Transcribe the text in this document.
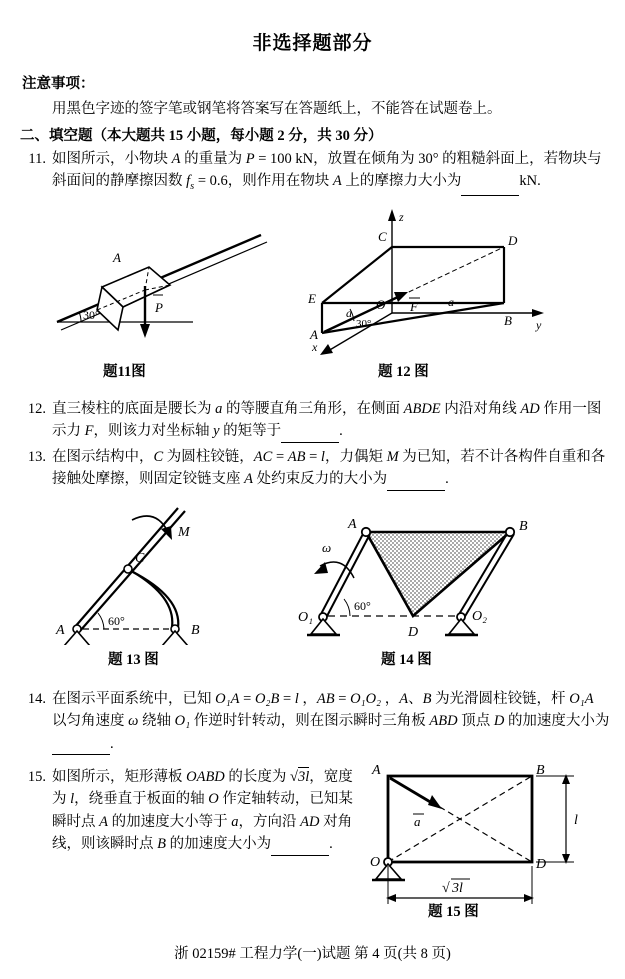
非选择题部分
注意事项：
用黑色字迹的签字笔或钢笔将答案写在答题纸上，不能答在试题卷上。
二、填空题（本大题共 15 小题，每小题 2 分，共 30 分）
11. 如图所示，小物块 A 的重量为 P = 100 kN，放置在倾角为 30° 的粗糙斜面上，若物块与斜面间的静摩擦因数 $f_s = 0.6$，则作用在物块 A 上的摩擦力大小为	kN.
A
P
30°
题11图
z
y
x
F
30°
a
a
C	D
E	O
B
A
题 12 图
12. 直三棱柱的底面是腰长为 a 的等腰直角三角形，在侧面 ABDE 内沿对角线 AD 作用一图示力 F，则该力对坐标轴 y 的矩等于	.
13. 在图示结构中，C 为圆柱铰链，AC = AB = l，力偶矩 M 为已知，若不计各构件自重和各接触处摩擦，则固定铰链支座 A 处约束反力的大小为	.
M
C
A	B
60°
题 13 图
ω
60°
A	B
D
O₁	O₂
题 14 图
14. 在图示平面系统中，已知 O₁A = O₂B = l ，AB = O₁O₂ ，A、B 为光滑圆柱铰链，杆 O₁A 以匀角速度 ω 绕轴 O₁ 作逆时针转动，则在图示瞬时三角板 ABD 顶点 D 的加速度大小为.
15. 如图所示，矩形薄板 OABD 的长度为 √
3l，宽度为 l，绕垂直于板面的轴 O 作定轴转动，已知某瞬时点 A 的加速度大小等于 a，方向沿 AD 对角线，则该瞬时点 B 的加速度大小为	.
a
A	B
D
O
l
√ 3l
题 15 图
浙 02159# 工程力学(一)试题 第 4 页(共 8 页)
